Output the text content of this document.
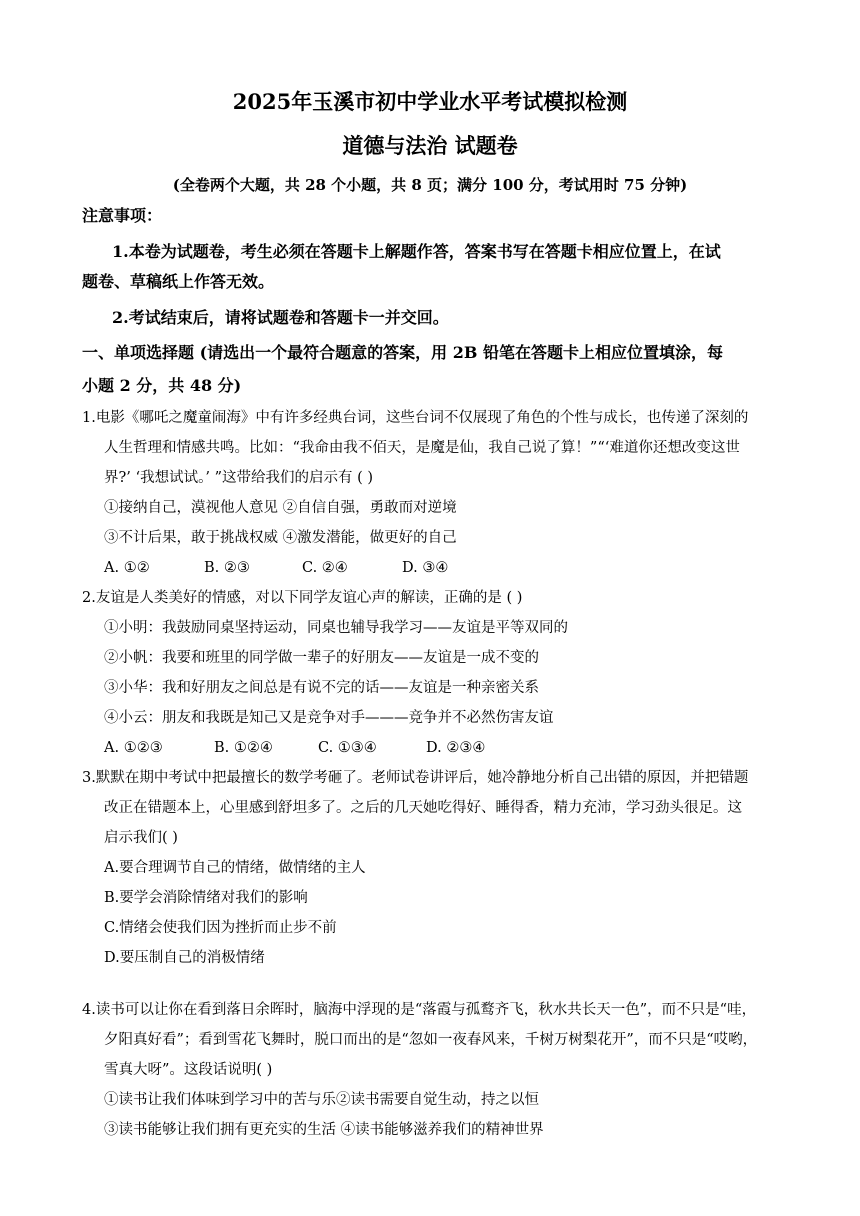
2025年玉溪市初中学业水平考试模拟检测
道德与法治 试题卷
(全卷两个大题，共 28 个小题，共 8 页；满分 100 分，考试用时 75 分钟)
注意事项：
1.本卷为试题卷，考生必须在答题卡上解题作答，答案书写在答题卡相应位置上，在试
题卷、草稿纸上作答无效。
2.考试结束后，请将试题卷和答题卡一并交回。
一、单项选择题 (请选出一个最符合题意的答案，用 2B 铅笔在答题卡上相应位置填涂，每
小题 2 分，共 48 分)
1.电影《哪吒之魔童闹海》中有许多经典台词，这些台词不仅展现了角色的个性与成长，也传递了深刻的
人生哲理和情感共鸣。比如：“我命由我不佰天，是魔是仙，我自己说了算！”“‘难道你还想改变这世
界?’ ‘我想试试。’ ”这带给我们的启示有 ( )
①接纳自己，漠视他人意见 ②自信自强，勇敢而对逆境
③不计后果，敢于挑战权威 ④激发潜能，做更好的自己
A. ①②	B. ②③	C. ②④	D. ③④
2.友谊是人类美好的情感，对以下同学友谊心声的解读，正确的是 ( )
①小明：我鼓励同桌坚持运动，同桌也辅导我学习——友谊是平等双同的
②小帆：我要和班里的同学做一辈子的好朋友——友谊是一成不变的
③小华：我和好朋友之间总是有说不完的话——友谊是一种亲密关系
④小云：朋友和我既是知己又是竞争对手———竞争并不必然伤害友谊
A. ①②③	B. ①②④	C. ①③④	D. ②③④
3.默默在期中考试中把最擅长的数学考砸了。老师试卷讲评后，她冷静地分析自己出错的原因，并把错题
改正在错题本上，心里感到舒坦多了。之后的几天她吃得好、睡得香，精力充沛，学习劲头很足。这
启示我们( )
A.要合理调节自己的情绪，做情绪的主人
B.要学会消除情绪对我们的影响
C.情绪会使我们因为挫折而止步不前
D.要压制自己的消极情绪
4.读书可以让你在看到落日余晖时，脑海中浮现的是“落霞与孤鹜齐飞，秋水共长天一色”，而不只是“哇，
夕阳真好看”；看到雪花飞舞时，脱口而出的是“忽如一夜春风来，千树万树梨花开”，而不只是“哎哟，
雪真大呀”。这段话说明( )
①读书让我们体味到学习中的苦与乐②读书需要自觉生动，持之以恒
③读书能够让我们拥有更充实的生活 ④读书能够滋养我们的精神世界
